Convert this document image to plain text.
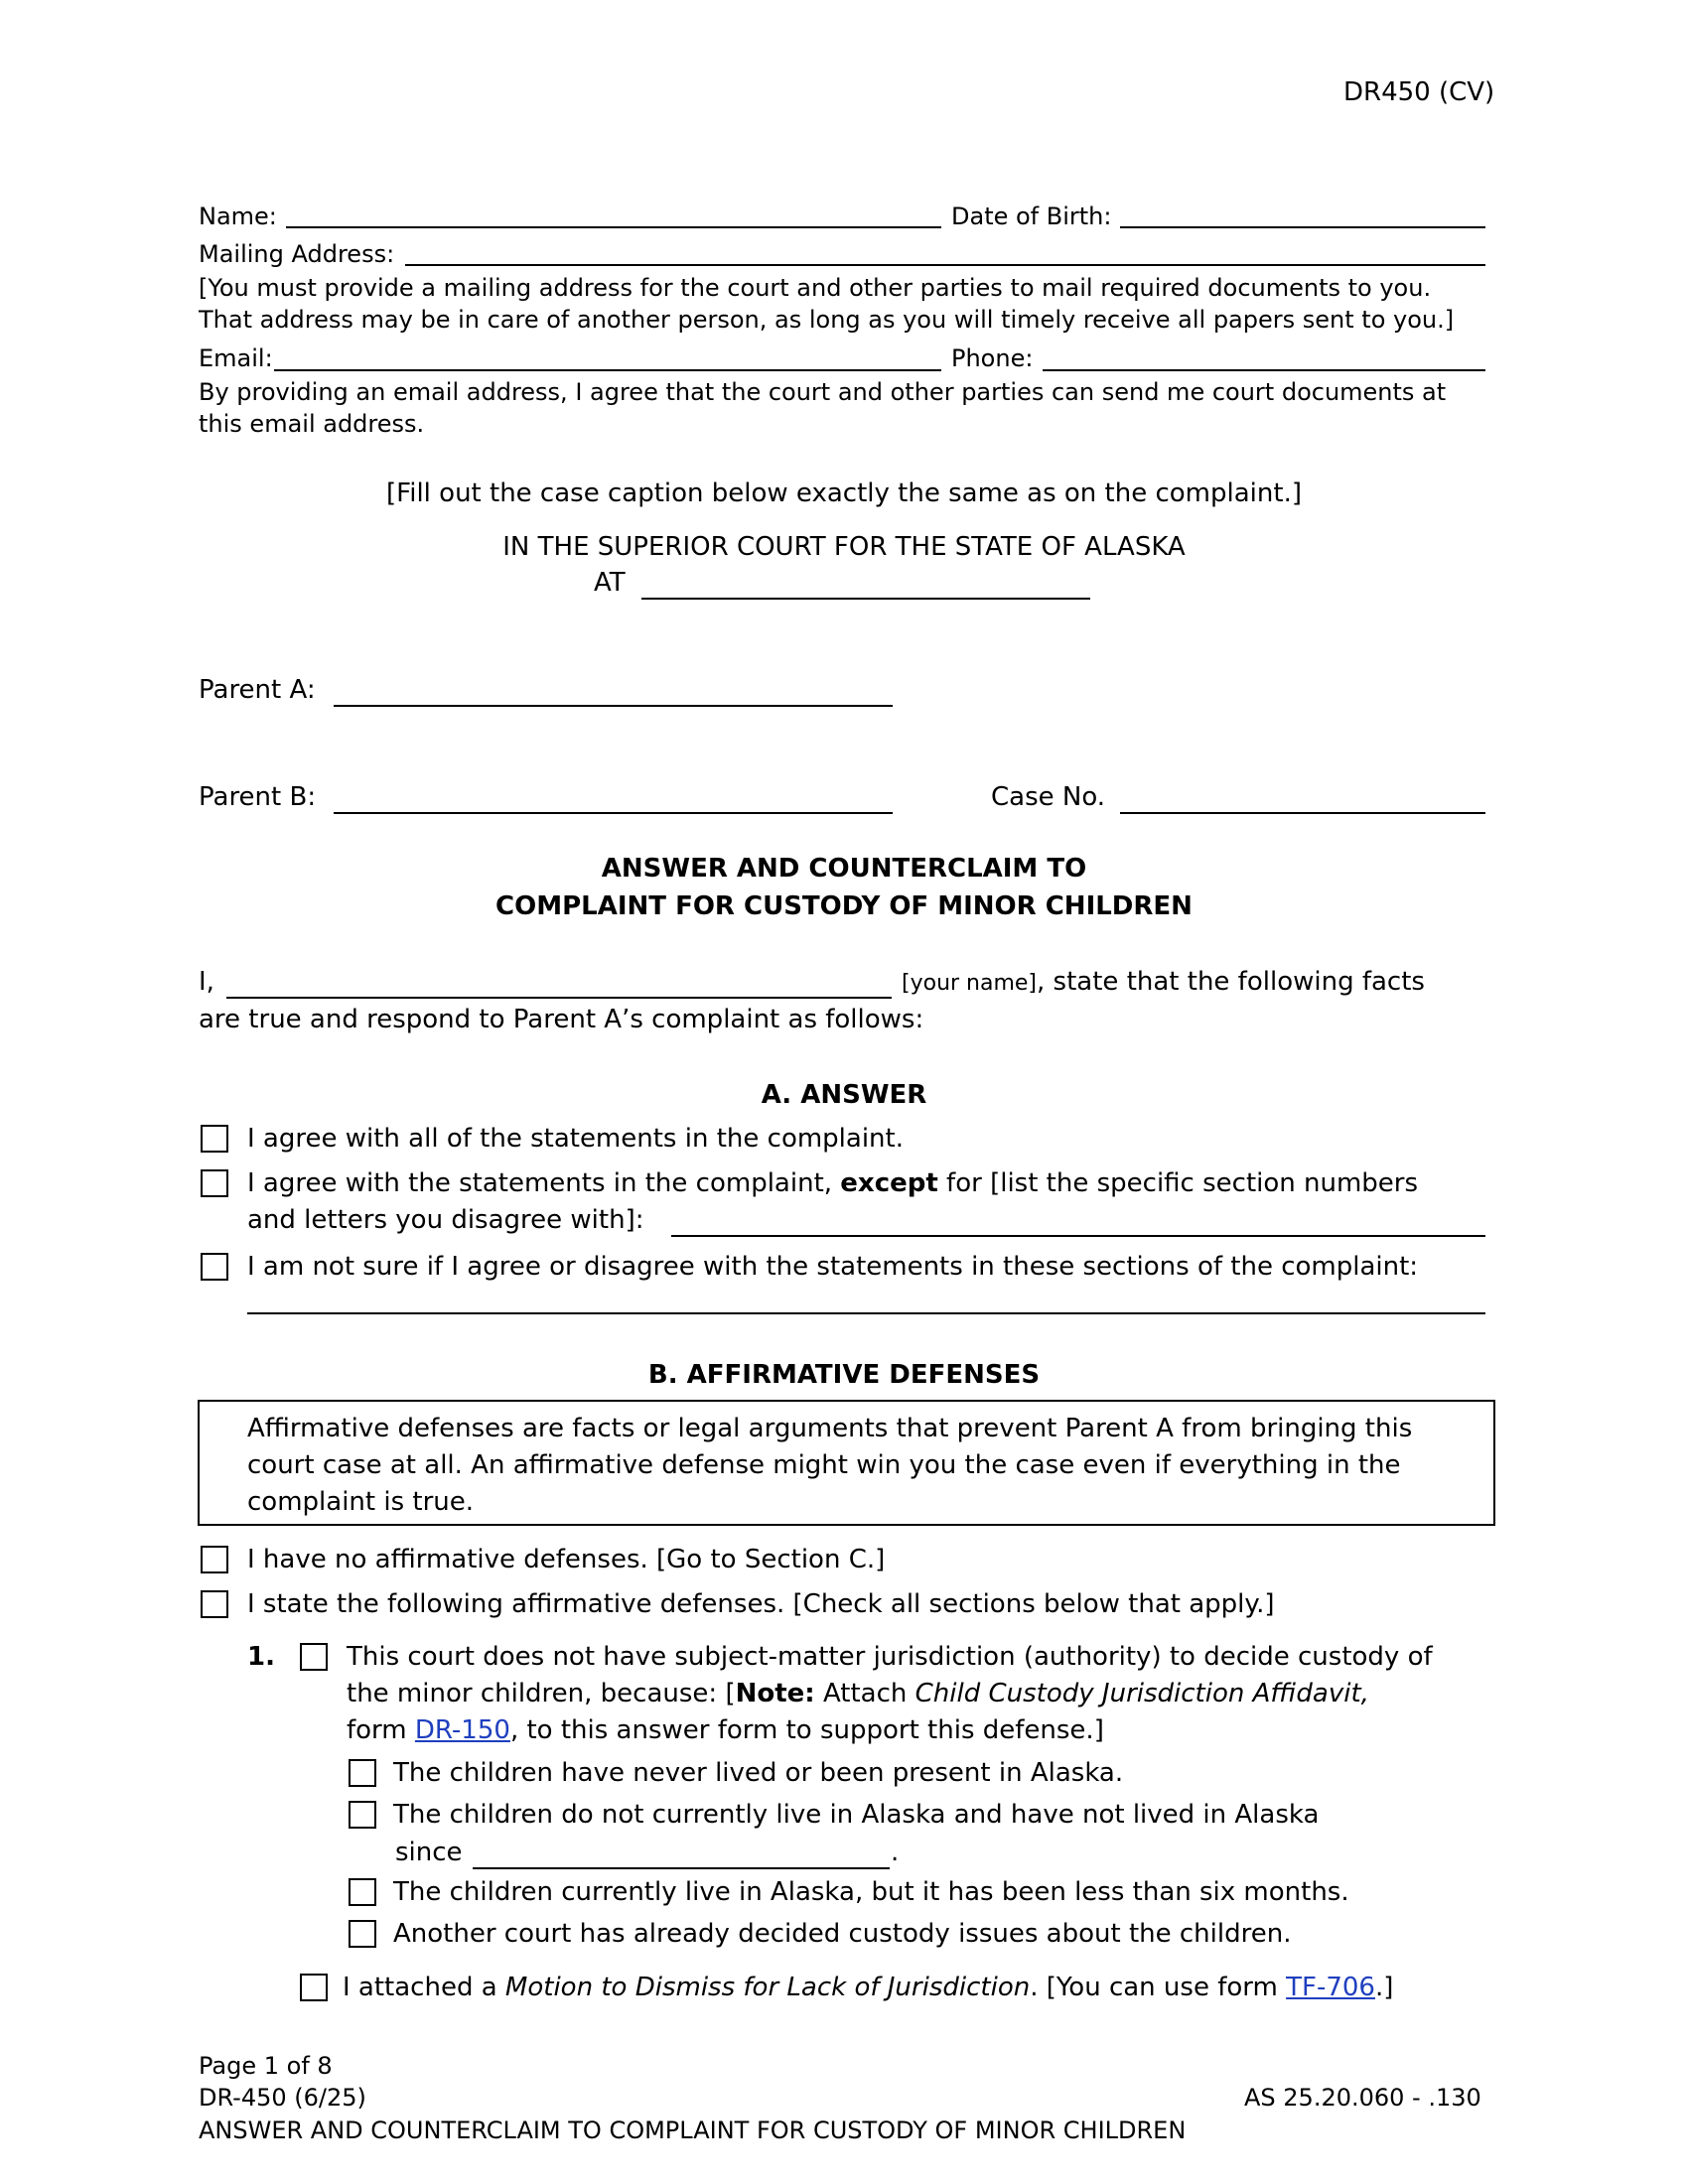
DR450 (CV)
Name:	Date of Birth:
Mailing Address:
[You must provide a mailing address for the court and other parties to mail required documents to you.
That address may be in care of another person, as long as you will timely receive all papers sent to you.]
Email:	Phone:
By providing an email address, I agree that the court and other parties can send me court documents at
this email address.
[Fill out the case caption below exactly the same as on the complaint.]
IN THE SUPERIOR COURT FOR THE STATE OF ALASKA
AT
Parent A:
Parent B:	Case No.
ANSWER AND COUNTERCLAIM TO
COMPLAINT FOR CUSTODY OF MINOR CHILDREN
I,	[your name], state that the following facts
are true and respond to Parent A’s complaint as follows:
A. ANSWER
I agree with all of the statements in the complaint.
I agree with the statements in the complaint, except for [list the specific section numbers
and letters you disagree with]:
I am not sure if I agree or disagree with the statements in these sections of the complaint:
B. AFFIRMATIVE DEFENSES
Affirmative defenses are facts or legal arguments that prevent Parent A from bringing this
court case at all. An affirmative defense might win you the case even if everything in the
complaint is true.
I have no affirmative defenses. [Go to Section C.]
I state the following affirmative defenses. [Check all sections below that apply.]
1.	This court does not have subject-matter jurisdiction (authority) to decide custody of
the minor children, because: [Note: Attach Child Custody Jurisdiction Affidavit,
form DR-150, to this answer form to support this defense.]
The children have never lived or been present in Alaska.
The children do not currently live in Alaska and have not lived in Alaska
since	.
The children currently live in Alaska, but it has been less than six months.
Another court has already decided custody issues about the children.
I attached a Motion to Dismiss for Lack of Jurisdiction. [You can use form TF-706.]
Page 1 of 8
DR-450 (6/25)	AS 25.20.060 - .130
ANSWER AND COUNTERCLAIM TO COMPLAINT FOR CUSTODY OF MINOR CHILDREN
